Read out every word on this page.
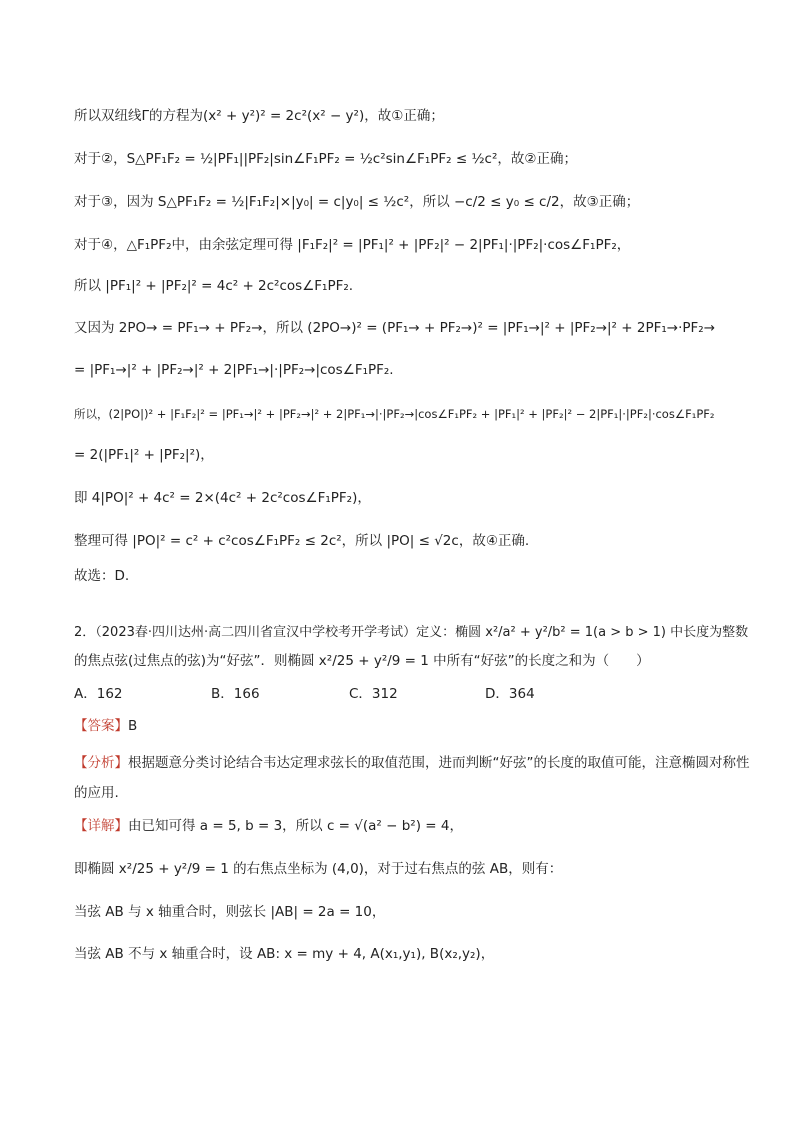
所以双纽线Γ的方程为(x² + y²)² = 2c²(x² − y²)，故①正确；
对于②，S△PF₁F₂ = ½|PF₁||PF₂|sin∠F₁PF₂ = ½c²sin∠F₁PF₂ ≤ ½c²，故②正确；
对于③，因为 S△PF₁F₂ = ½|F₁F₂|×|y₀| = c|y₀| ≤ ½c²，所以 −c/2 ≤ y₀ ≤ c/2，故③正确；
对于④，△F₁PF₂中，由余弦定理可得 |F₁F₂|² = |PF₁|² + |PF₂|² − 2|PF₁|·|PF₂|·cos∠F₁PF₂，
所以 |PF₁|² + |PF₂|² = 4c² + 2c²cos∠F₁PF₂.
又因为 2PO→ = PF₁→ + PF₂→，所以 (2PO→)² = (PF₁→ + PF₂→)² = |PF₁→|² + |PF₂→|² + 2PF₁→·PF₂→
= |PF₁→|² + |PF₂→|² + 2|PF₁→|·|PF₂→|cos∠F₁PF₂.
所以，(2|PO|)² + |F₁F₂|² = |PF₁→|² + |PF₂→|² + 2|PF₁→|·|PF₂→|cos∠F₁PF₂ + |PF₁|² + |PF₂|² − 2|PF₁|·|PF₂|·cos∠F₁PF₂
= 2(|PF₁|² + |PF₂|²)，
即 4|PO|² + 4c² = 2×(4c² + 2c²cos∠F₁PF₂)，
整理可得 |PO|² = c² + c²cos∠F₁PF₂ ≤ 2c²，所以 |PO| ≤ √2c，故④正确.
故选：D.
2．（2023春·四川达州·高二四川省宣汉中学校考开学考试）定义：椭圆 x²/a² + y²/b² = 1(a > b > 1) 中长度为整数
的焦点弦(过焦点的弦)为“好弦”．则椭圆 x²/25 + y²/9 = 1 中所有“好弦”的长度之和为（　　）
A．162	B．166	C．312	D．364
【答案】B
【分析】根据题意分类讨论结合韦达定理求弦长的取值范围，进而判断“好弦”的长度的取值可能，注意椭圆对称性的应用.
【详解】由已知可得 a = 5, b = 3，所以 c = √(a² − b²) = 4，
即椭圆 x²/25 + y²/9 = 1 的右焦点坐标为 (4,0)，对于过右焦点的弦 AB，则有：
当弦 AB 与 x 轴重合时，则弦长 |AB| = 2a = 10，
当弦 AB 不与 x 轴重合时，设 AB: x = my + 4, A(x₁,y₁), B(x₂,y₂)，
